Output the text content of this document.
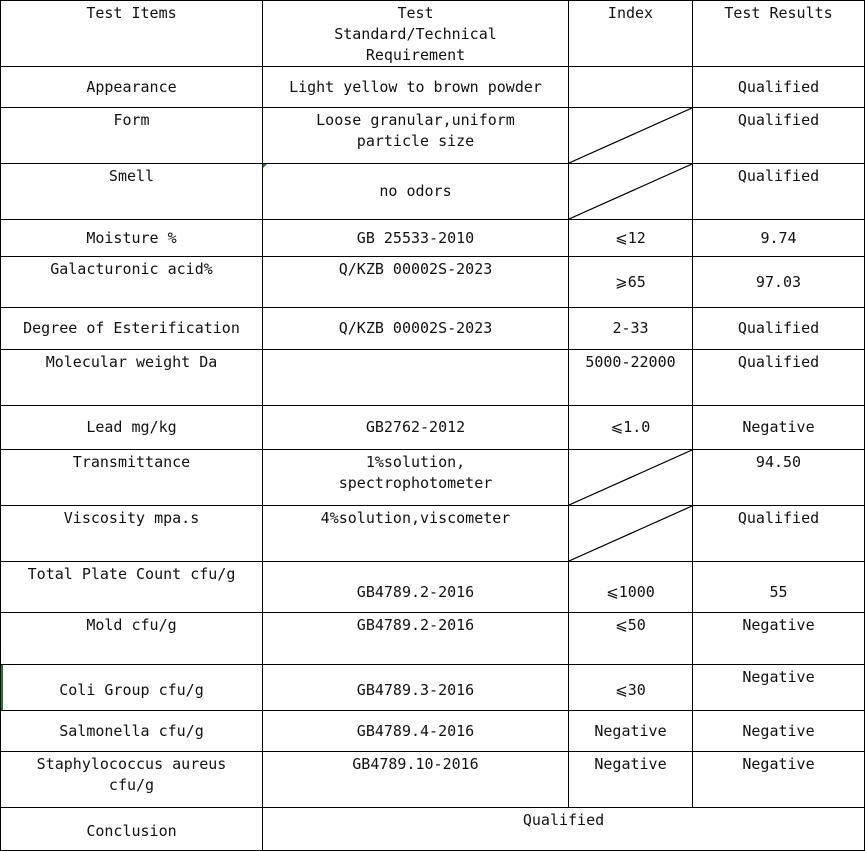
Test Items	Test Standard/Technical Requirement	Index	Test Results
Appearance	Light yellow to brown powder		Qualified
Form	Loose granular,uniform particle size		Qualified
Smell	no odors		Qualified
Moisture %	GB 25533-2010	⩽12	9.74
Galacturonic acid%	Q/KZB 00002S-2023	⩾65	97.03
Degree of Esterification	Q/KZB 00002S-2023	2-33	Qualified
Molecular weight Da		5000-22000	Qualified
Lead mg/kg	GB2762-2012	⩽1.0	Negative
Transmittance	1%solution, spectrophotometer		94.50
Viscosity mpa.s	4%solution,viscometer		Qualified
Total Plate Count cfu/g	GB4789.2-2016	⩽1000	55
Mold cfu/g	GB4789.2-2016	⩽50	Negative

Coli Group cfu/g	GB4789.3-2016	⩽30	Negative
Salmonella cfu/g	GB4789.4-2016	Negative	Negative
Staphylococcus aureus cfu/g	GB4789.10-2016	Negative	Negative
Conclusion	Qualified		
